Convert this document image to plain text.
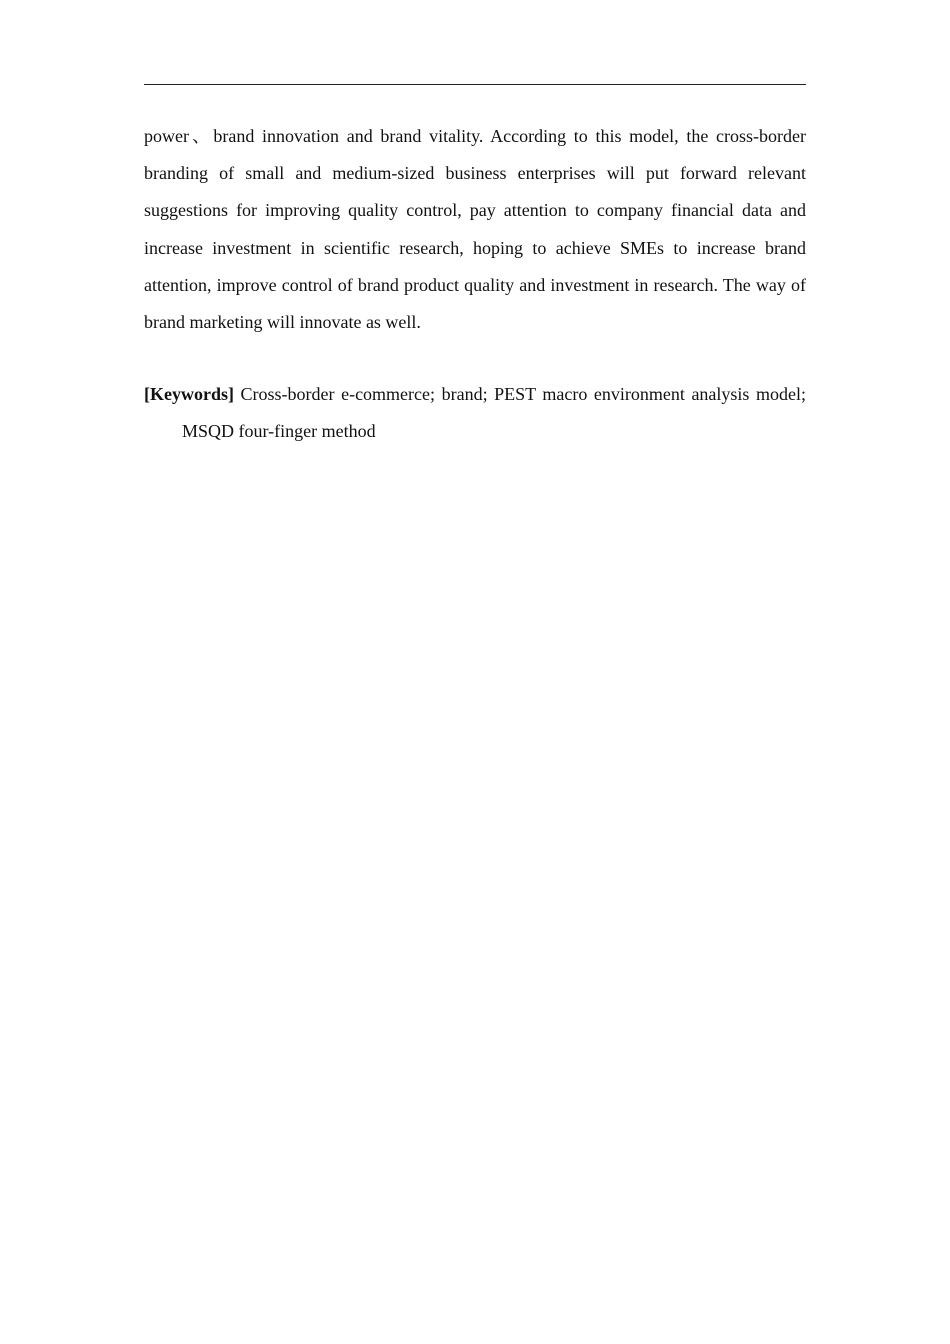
power、brand innovation and brand vitality. According to this model, the cross-border branding of small and medium-sized business enterprises will put forward relevant suggestions for improving quality control, pay attention to company financial data and increase investment in scientific research, hoping to achieve SMEs to increase brand attention, improve control of brand product quality and investment in research. The way of brand marketing will innovate as well.

[Keywords] Cross-border e-commerce; brand; PEST macro environment analysis model; MSQD four-finger method
